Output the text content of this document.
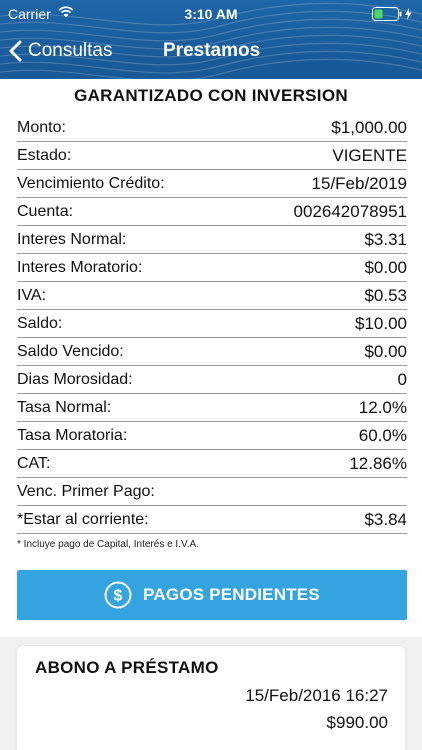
Carrier	3:10 AM
Consultas	Prestamos
GARANTIZADO CON INVERSION
Monto:	$1,000.00
Estado:	VIGENTE
Vencimiento Crédito:	15/Feb/2019
Cuenta:	002642078951
Interes Normal:	$3.31
Interes Moratorio:	$0.00
IVA:	$0.53
Saldo:	$10.00
Saldo Vencido:	$0.00
Dias Morosidad:	0
Tasa Normal:	12.0%
Tasa Moratoria:	60.0%
CAT:	12.86%
Venc. Primer Pago:
*Estar al corriente:	$3.84
* Incluye pago de Capital, Interés e I.V.A.
$ PAGOS PENDIENTES
ABONO A PRÉSTAMO
15/Feb/2016 16:27
$990.00
